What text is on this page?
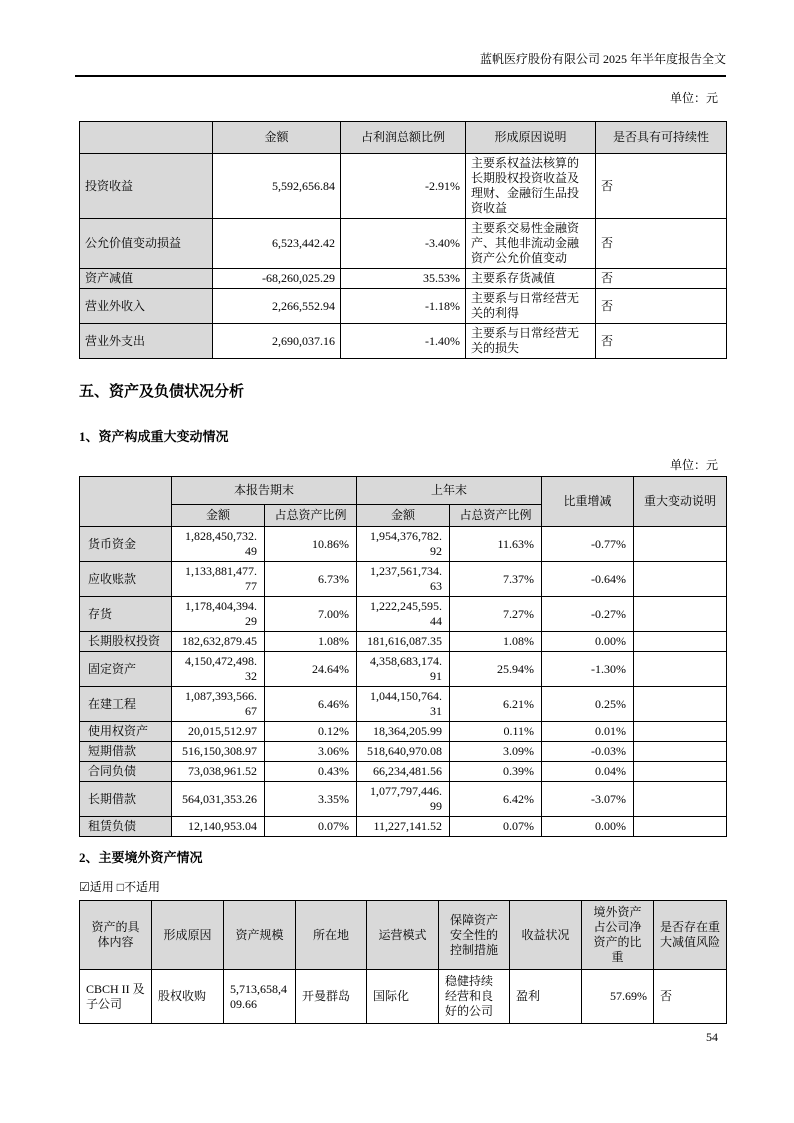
蓝帆医疗股份有限公司 2025 年半年度报告全文
单位：元
	金额	占利润总额比例	形成原因说明	是否具有可持续性
投资收益	5,592,656.84	-2.91%	主要系权益法核算的长期股权投资收益及理财、金融衍生品投资收益	否
公允价值变动损益	6,523,442.42	-3.40%	主要系交易性金融资产、其他非流动金融资产公允价值变动	否
资产减值	-68,260,025.29	35.53%	主要系存货减值	否
营业外收入	2,266,552.94	-1.18%	主要系与日常经营无关的利得	否
营业外支出	2,690,037.16	-1.40%	主要系与日常经营无关的损失	否
五、资产及负债状况分析
1、资产构成重大变动情况
单位：元
	本报告期末		上年末		比重增减	重大变动说明
	金额	占总资产比例	金额	占总资产比例		
货币资金	1,828,450,732.49	10.86%	1,954,376,782.92	11.63%	-0.77%	
应收账款	1,133,881,477.77	6.73%	1,237,561,734.63	7.37%	-0.64%	
存货	1,178,404,394.29	7.00%	1,222,245,595.44	7.27%	-0.27%	
长期股权投资	182,632,879.45	1.08%	181,616,087.35	1.08%	0.00%	
固定资产	4,150,472,498.32	24.64%	4,358,683,174.91	25.94%	-1.30%	
在建工程	1,087,393,566.67	6.46%	1,044,150,764.31	6.21%	0.25%	
使用权资产	20,015,512.97	0.12%	18,364,205.99	0.11%	0.01%	
短期借款	516,150,308.97	3.06%	518,640,970.08	3.09%	-0.03%	
合同负债	73,038,961.52	0.43%	66,234,481.56	0.39%	0.04%	
长期借款	564,031,353.26	3.35%	1,077,797,446.99	6.42%	-3.07%	
租赁负债	12,140,953.04	0.07%	11,227,141.52	0.07%	0.00%	
2、主要境外资产情况
☑适用 □不适用
资产的具体内容	形成原因	资产规模	所在地	运营模式	保障资产安全性的控制措施	收益状况	境外资产占公司净资产的比重	是否存在重大减值风险
CBCH II 及子公司	股权收购	5,713,658,409.66	开曼群岛	国际化	稳健持续经营和良好的公司	盈利	57.69%	否
54
